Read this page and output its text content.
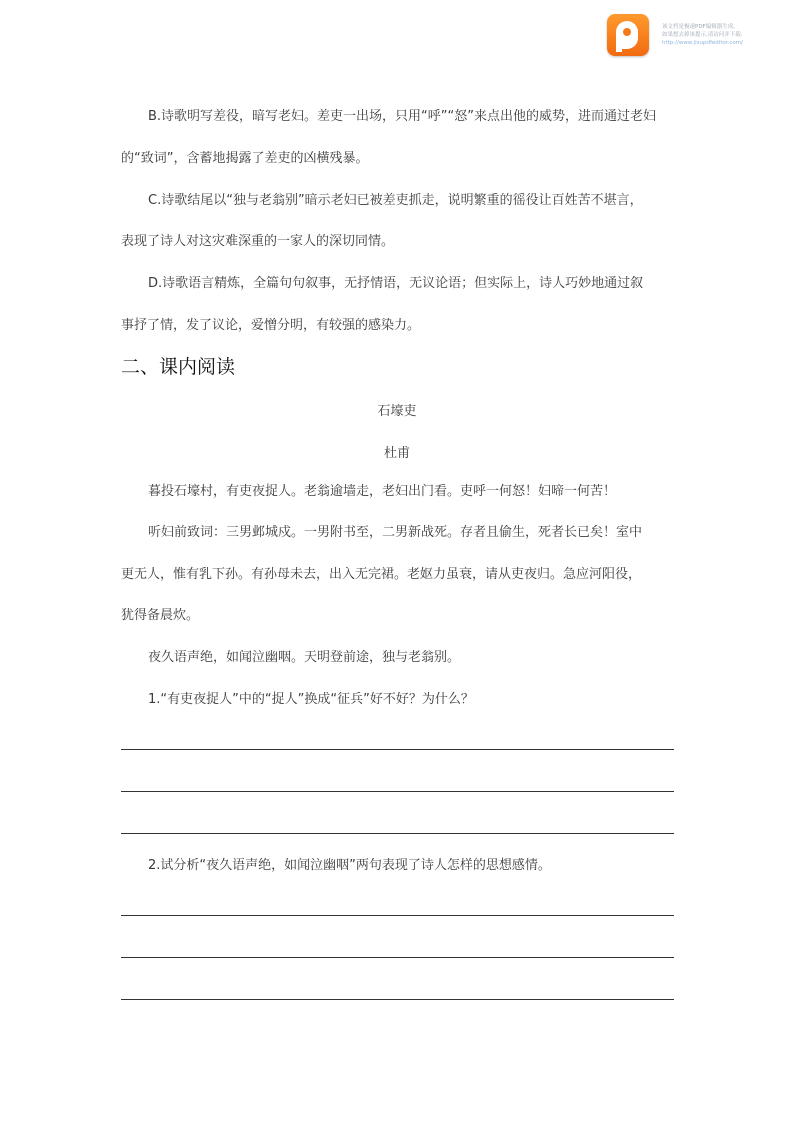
该文档是极速PDF编辑器生成,
如果想去掉该提示,请访问并下载:
http://www.jisupdfeditor.com/
B.诗歌明写差役，暗写老妇。差吏一出场，只用“呼”“怒”来点出他的威势，进而通过老妇
的“致词”，含蓄地揭露了差吏的凶横残暴。
C.诗歌结尾以“独与老翁别”暗示老妇已被差吏抓走，说明繁重的徭役让百姓苦不堪言，
表现了诗人对这灾难深重的一家人的深切同情。
D.诗歌语言精炼，全篇句句叙事，无抒情语，无议论语；但实际上，诗人巧妙地通过叙
事抒了情，发了议论，爱憎分明，有较强的感染力。
二、课内阅读
石壕吏
杜甫
暮投石壕村，有吏夜捉人。老翁逾墙走，老妇出门看。吏呼一何怒！妇啼一何苦！
听妇前致词：三男邺城戍。一男附书至，二男新战死。存者且偷生，死者长已矣！室中
更无人，惟有乳下孙。有孙母未去，出入无完裙。老妪力虽衰，请从吏夜归。急应河阳役，
犹得备晨炊。
夜久语声绝，如闻泣幽咽。天明登前途，独与老翁别。
1.“有吏夜捉人”中的“捉人”换成“征兵”好不好？为什么？
2.试分析“夜久语声绝，如闻泣幽咽”两句表现了诗人怎样的思想感情。
